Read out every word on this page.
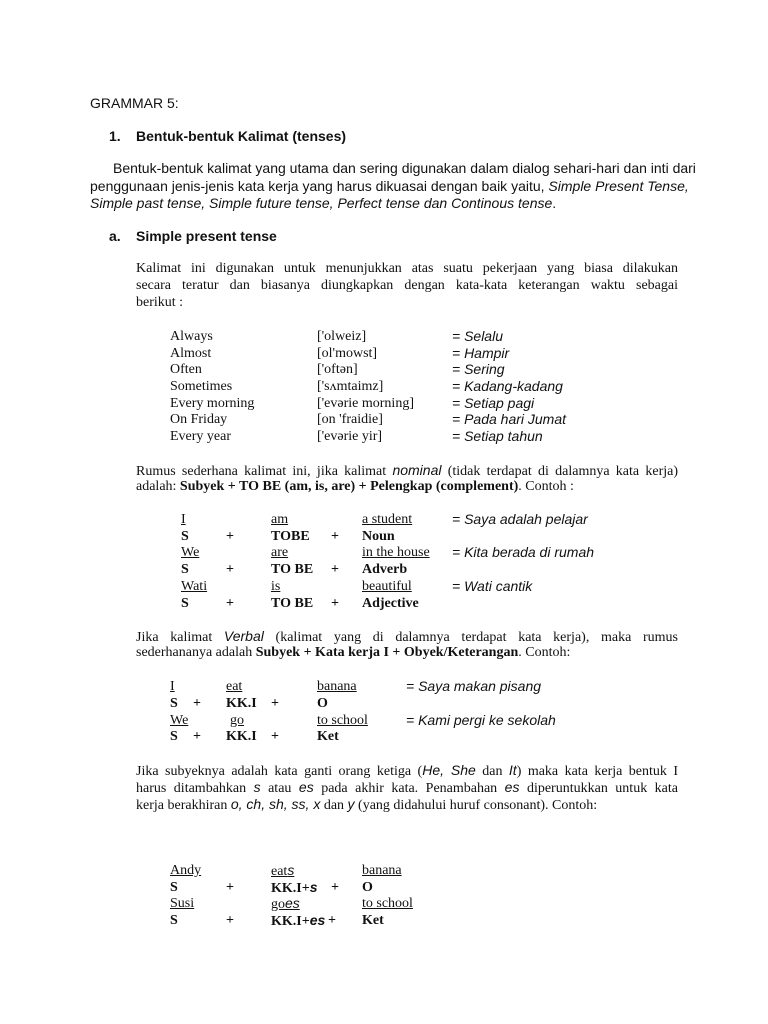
GRAMMAR 5:
1. Bentuk-bentuk Kalimat (tenses)
Bentuk-bentuk kalimat yang utama dan sering digunakan dalam dialog sehari-hari dan inti dari
penggunaan jenis-jenis kata kerja yang harus dikuasai dengan baik yaitu, Simple Present Tense,
Simple past tense, Simple future tense, Perfect tense dan Continous tense.
a. Simple present tense
Kalimat ini digunakan untuk menunjukkan atas suatu pekerjaan yang biasa dilakukan
secara teratur dan biasanya diungkapkan dengan kata-kata keterangan waktu sebagai
berikut :
Always	['olweiz]	= Selalu
Almost	[ol'mowst]	= Hampir
Often	['oftən]	= Sering
Sometimes	['sʌmtaimz]	= Kadang-kadang
Every morning	['evərie morning]	= Setiap pagi
On Friday	[on 'fraidie]	= Pada hari Jumat
Every year	['evərie yir]	= Setiap tahun
Rumus sederhana kalimat ini, jika kalimat nominal (tidak terdapat di dalamnya kata kerja)
adalah: Subyek + TO BE (am, is, are) + Pelengkap (complement). Contoh :
I	am	a student	= Saya adalah pelajar
S	+	TOBE + Noun
We	are	in the house = Kita berada di rumah
S	+	TO BE + Adverb
Wati	is	beautiful	= Wati cantik
S	+	TO BE + Adjective
Jika kalimat Verbal (kalimat yang di dalamnya terdapat kata kerja), maka rumus
sederhananya adalah Subyek + Kata kerja I + Obyek/Keterangan. Contoh:
I	eat	banana	= Saya makan pisang
S + KK.I +	O
We	go	to school	= Kami pergi ke sekolah
S + KK.I +	Ket
Jika subyeknya adalah kata ganti orang ketiga (He, She dan It) maka kata kerja bentuk I
harus ditambahkan s atau es pada akhir kata. Penambahan es diperuntukkan untuk kata
kerja berakhiran o, ch, sh, ss, x dan y (yang didahului huruf consonant). Contoh:
Andy	eats	banana
S	+	KK.I+s + O
Susi	goes	to school
S	+	KK.I+es + Ket
